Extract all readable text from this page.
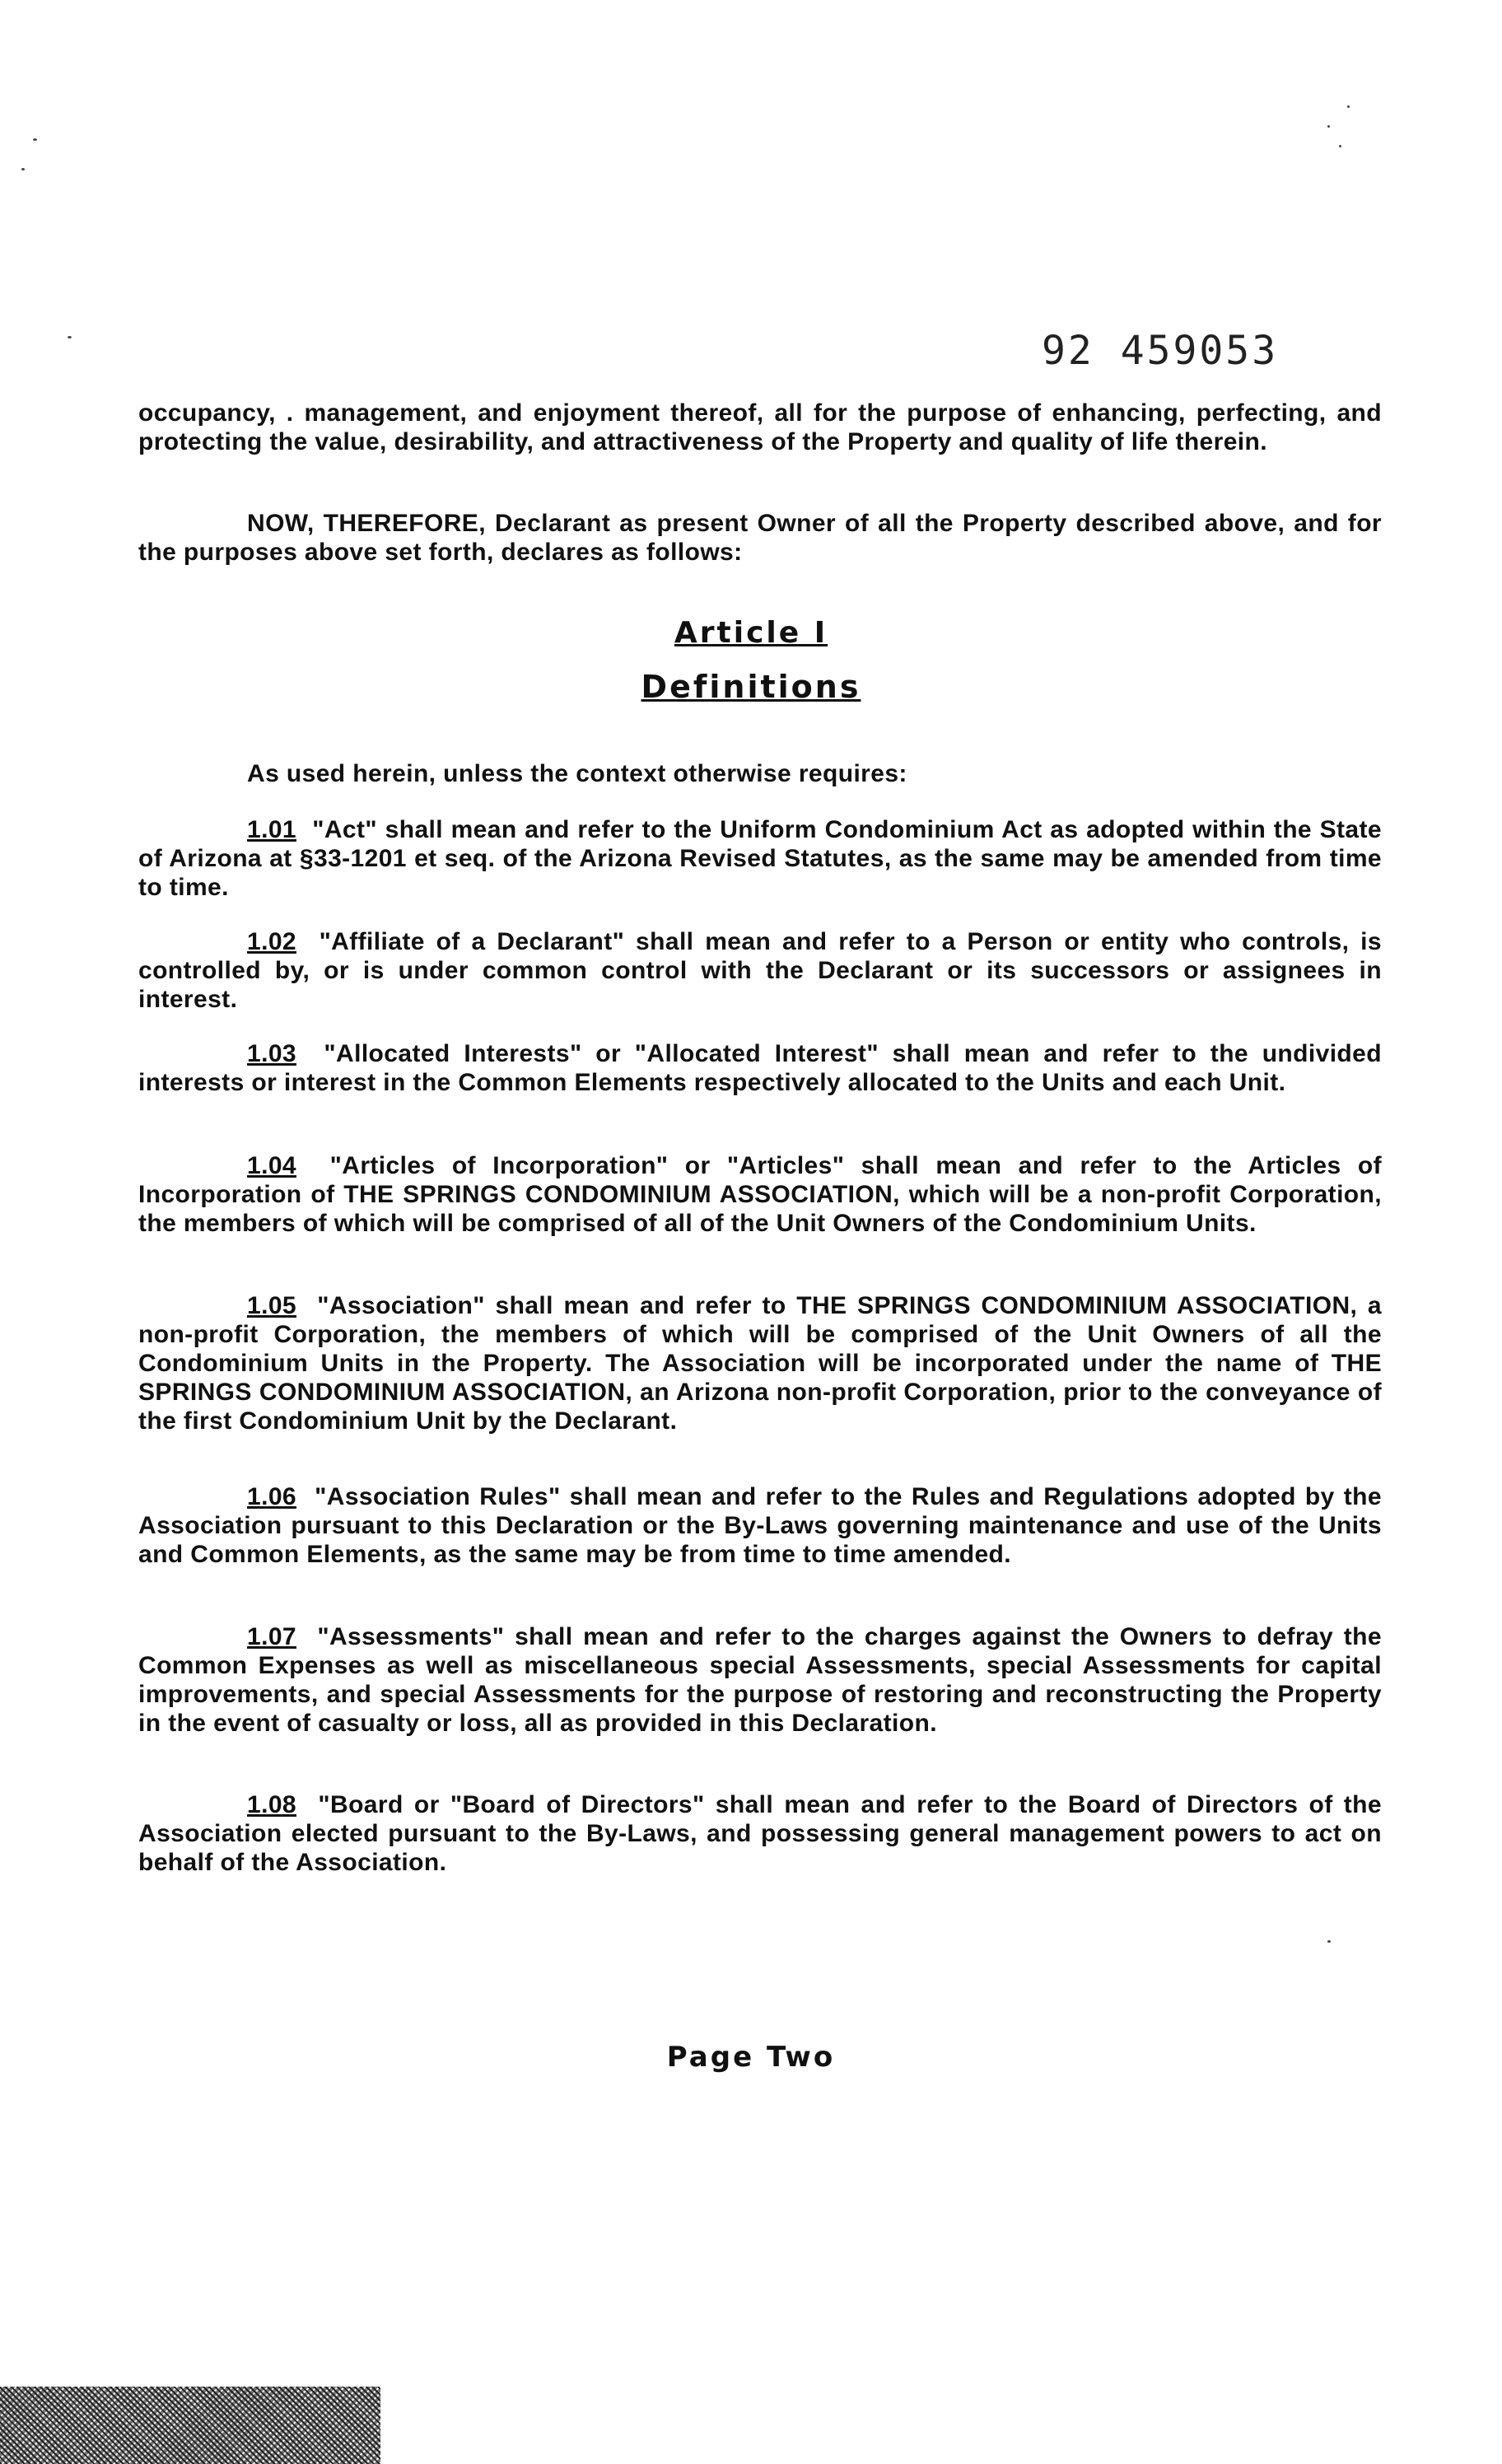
92 459053

occupancy, . management, and enjoyment thereof, all for the purpose of enhancing, perfecting, and protecting the value, desirability, and attractiveness of the Property and quality of life therein.

NOW, THEREFORE, Declarant as present Owner of all the Property described above, and for the purposes above set forth, declares as follows:

Article I
Definitions

As used herein, unless the context otherwise requires:

1.01 "Act" shall mean and refer to the Uniform Condominium Act as adopted within the State of Arizona at §33-1201 et seq. of the Arizona Revised Statutes, as the same may be amended from time to time.

1.02 "Affiliate of a Declarant" shall mean and refer to a Person or entity who controls, is controlled by, or is under common control with the Declarant or its successors or assignees in interest.

1.03 "Allocated Interests" or "Allocated Interest" shall mean and refer to the undivided interests or interest in the Common Elements respectively allocated to the Units and each Unit.

1.04 "Articles of Incorporation" or "Articles" shall mean and refer to the Articles of Incorporation of THE SPRINGS CONDOMINIUM ASSOCIATION, which will be a non-profit Corporation, the members of which will be comprised of all of the Unit Owners of the Condominium Units.

1.05 "Association" shall mean and refer to THE SPRINGS CONDOMINIUM ASSOCIATION, a non-profit Corporation, the members of which will be comprised of the Unit Owners of all the Condominium Units in the Property. The Association will be incorporated under the name of THE SPRINGS CONDOMINIUM ASSOCIATION, an Arizona non-profit Corporation, prior to the conveyance of the first Condominium Unit by the Declarant.

1.06 "Association Rules" shall mean and refer to the Rules and Regulations adopted by the Association pursuant to this Declaration or the By-Laws governing maintenance and use of the Units and Common Elements, as the same may be from time to time amended.

1.07 "Assessments" shall mean and refer to the charges against the Owners to defray the Common Expenses as well as miscellaneous special Assessments, special Assessments for capital improvements, and special Assessments for the purpose of restoring and reconstructing the Property in the event of casualty or loss, all as provided in this Declaration.

1.08 "Board or "Board of Directors" shall mean and refer to the Board of Directors of the Association elected pursuant to the By-Laws, and possessing general management powers to act on behalf of the Association.

Page Two
